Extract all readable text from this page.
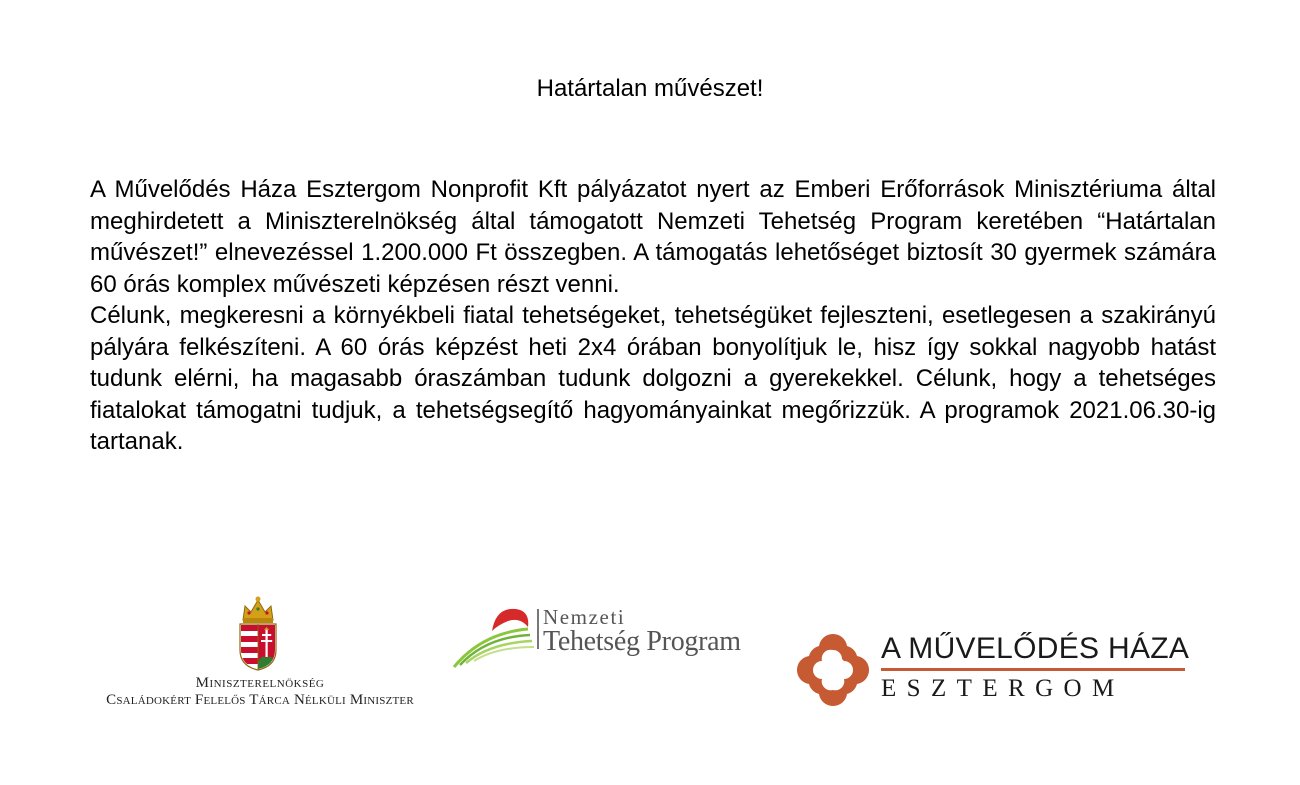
Határtalan művészet!

A Művelődés Háza Esztergom Nonprofit Kft pályázatot nyert az Emberi Erőforrások Minisztériuma által meghirdetett a Miniszterelnökség által támogatott Nemzeti Tehetség Program keretében “Határtalan művészet!” elnevezéssel 1.200.000 Ft összegben. A támogatás lehetőséget biztosít 30 gyermek számára 60 órás komplex művészeti képzésen részt venni.

Célunk, megkeresni a környékbeli fiatal tehetségeket, tehetségüket fejleszteni, esetlegesen a szakirányú pályára felkészíteni. A 60 órás képzést heti 2x4 órában bonyolítjuk le, hisz így sokkal nagyobb hatást tudunk elérni, ha magasabb óraszámban tudunk dolgozni a gyerekekkel. Célunk, hogy a tehetséges fiatalokat támogatni tudjuk, a tehetségsegítő hagyományainkat megőrizzük. A programok 2021.06.30-ig tartanak.

Miniszterelnökség
Családokért Felelős Tárca Nélküli Miniszter
Nemzeti
Tehetség Program	A MŰVELŐDÉS HÁZA
ESZTERGOM
